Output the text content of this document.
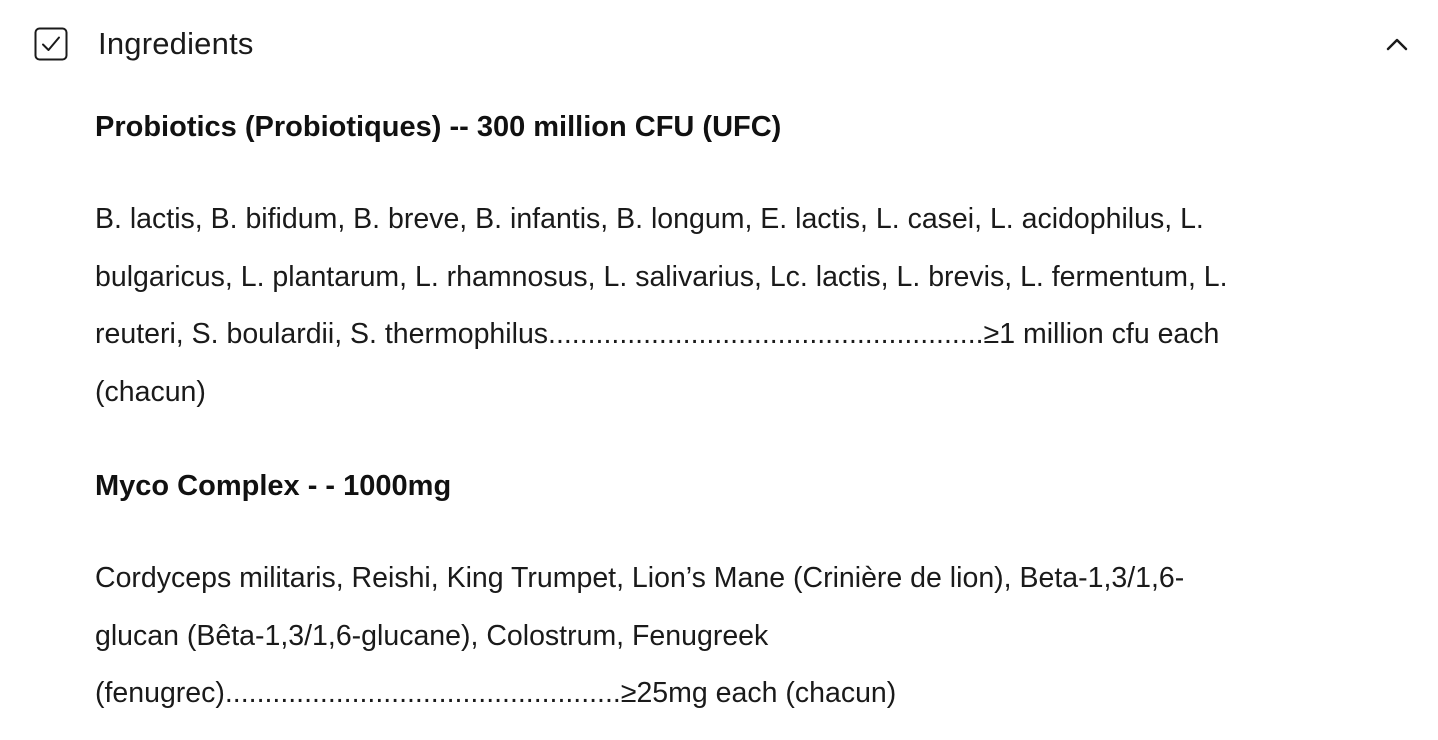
Ingredients

Probiotics (Probiotiques) -- 300 million CFU (UFC)

B. lactis, B. bifidum, B. breve, B. infantis, B. longum, E. lactis, L. casei, L. acidophilus, L.
bulgaricus, L. plantarum, L. rhamnosus, L. salivarius, Lc. lactis, L. brevis, L. fermentum, L.
reuteri, S. boulardii, S. thermophilus.......................................................≥1 million cfu each
(chacun)

Myco Complex - - 1000mg

Cordyceps militaris, Reishi, King Trumpet, Lion’s Mane (Crinière de lion), Beta-1,3/1,6-
glucan (Bêta-1,3/1,6-glucane), Colostrum, Fenugreek
(fenugrec)..................................................≥25mg each (chacun)
